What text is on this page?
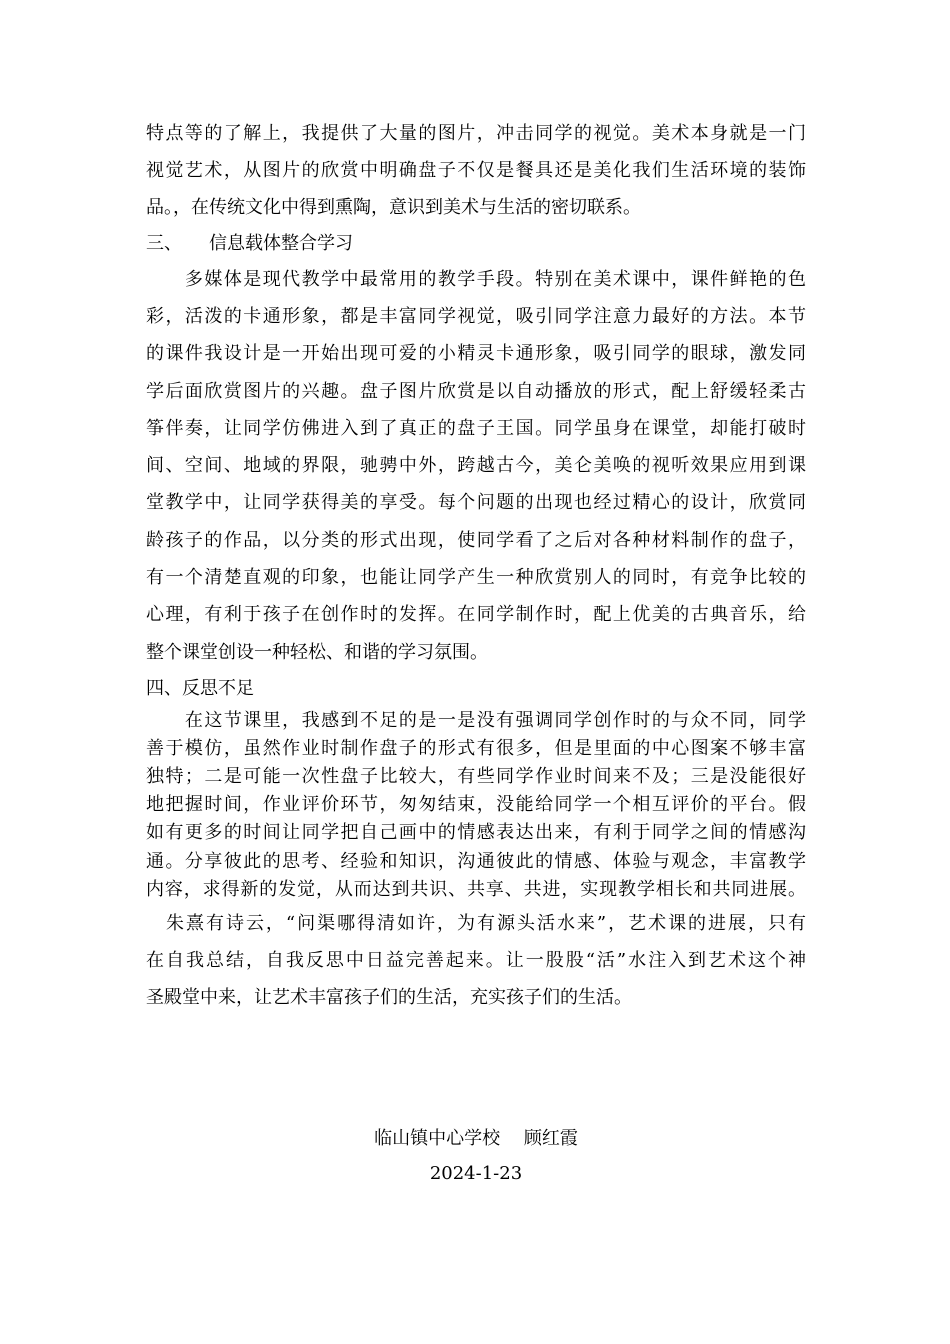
特点等的了解上，我提供了大量的图片，冲击同学的视觉。美术本身就是一门
视觉艺术，从图片的欣赏中明确盘子不仅是餐具还是美化我们生活环境的装饰
品。，在传统文化中得到熏陶，意识到美术与生活的密切联系。
三、　　信息载体整合学习
　　多媒体是现代教学中最常用的教学手段。特别在美术课中，课件鲜艳的色
彩，活泼的卡通形象，都是丰富同学视觉，吸引同学注意力最好的方法。本节
的课件我设计是一开始出现可爱的小精灵卡通形象，吸引同学的眼球，激发同
学后面欣赏图片的兴趣。盘子图片欣赏是以自动播放的形式，配上舒缓轻柔古
筝伴奏，让同学仿佛进入到了真正的盘子王国。同学虽身在课堂，却能打破时
间、空间、地域的界限，驰骋中外，跨越古今，美仑美唤的视听效果应用到课
堂教学中，让同学获得美的享受。每个问题的出现也经过精心的设计，欣赏同
龄孩子的作品，以分类的形式出现，使同学看了之后对各种材料制作的盘子，
有一个清楚直观的印象，也能让同学产生一种欣赏别人的同时，有竞争比较的
心理，有利于孩子在创作时的发挥。在同学制作时，配上优美的古典音乐，给
整个课堂创设一种轻松、和谐的学习氛围。
四、反思不足
　　在这节课里，我感到不足的是一是没有强调同学创作时的与众不同，同学
善于模仿，虽然作业时制作盘子的形式有很多，但是里面的中心图案不够丰富
独特；二是可能一次性盘子比较大，有些同学作业时间来不及；三是没能很好
地把握时间，作业评价环节，匆匆结束，没能给同学一个相互评价的平台。假
如有更多的时间让同学把自己画中的情感表达出来，有利于同学之间的情感沟
通。分享彼此的思考、经验和知识，沟通彼此的情感、体验与观念，丰富教学
内容，求得新的发觉，从而达到共识、共享、共进，实现教学相长和共同进展。
　朱熹有诗云，“问渠哪得清如许，为有源头活水来”，艺术课的进展，只有
在自我总结，自我反思中日益完善起来。让一股股“活”水注入到艺术这个神
圣殿堂中来，让艺术丰富孩子们的生活，充实孩子们的生活。
临山镇中心学校　 顾红霞
2024-1-23
